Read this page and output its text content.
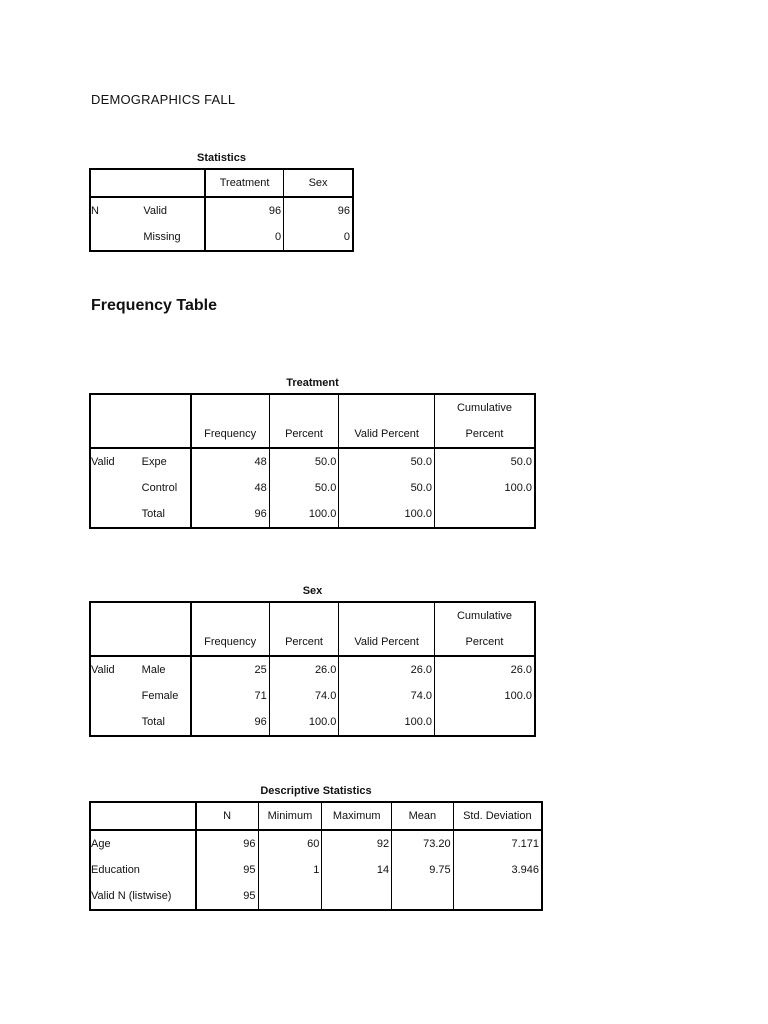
DEMOGRAPHICS FALL
Statistics
		Treatment	Sex
N	Valid	96	96
	Missing	0	0
Frequency Table
Treatment
					Cumulative
		Frequency	Percent	Valid Percent	Percent
Valid	Expe	48	50.0	50.0	50.0
	Control	48	50.0	50.0	100.0
	Total	96	100.0	100.0	
Sex
					Cumulative
		Frequency	Percent	Valid Percent	Percent
Valid	Male	25	26.0	26.0	26.0
	Female	71	74.0	74.0	100.0
	Total	96	100.0	100.0	
Descriptive Statistics
	N	Minimum	Maximum	Mean	Std. Deviation
Age	96	60	92	73.20	7.171
Education	95	1	14	9.75	3.946
Valid N (listwise)	95				
